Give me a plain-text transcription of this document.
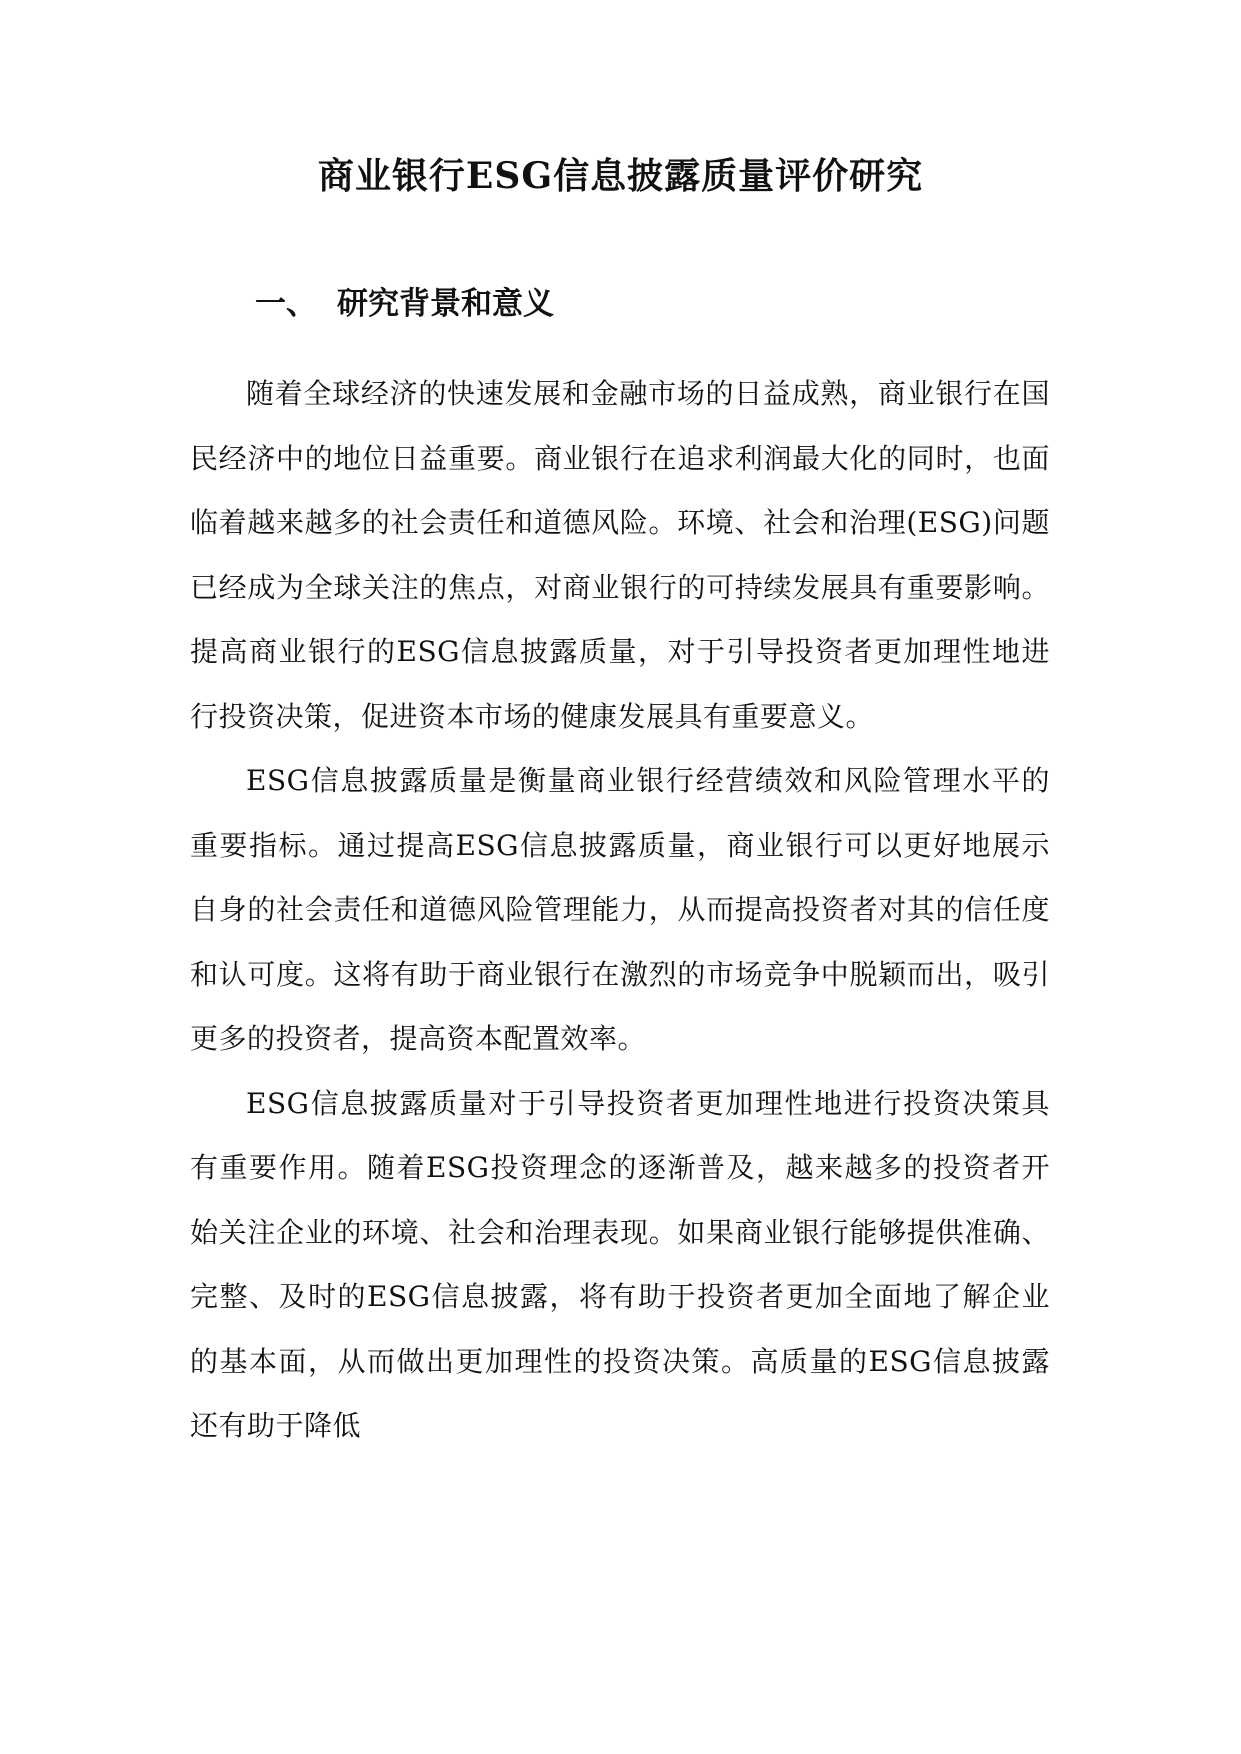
商业银行ESG信息披露质量评价研究
一、 研究背景和意义

随着全球经济的快速发展和金融市场的日益成熟，商业银行在国民经济中的地位日益重要。商业银行在追求利润最大化的同时，也面临着越来越多的社会责任和道德风险。环境、社会和治理(ESG)问题已经成为全球关注的焦点，对商业银行的可持续发展具有重要影响。提高商业银行的ESG信息披露质量，对于引导投资者更加理性地进行投资决策，促进资本市场的健康发展具有重要意义。

ESG信息披露质量是衡量商业银行经营绩效和风险管理水平的重要指标。通过提高ESG信息披露质量，商业银行可以更好地展示自身的社会责任和道德风险管理能力，从而提高投资者对其的信任度和认可度。这将有助于商业银行在激烈的市场竞争中脱颖而出，吸引更多的投资者，提高资本配置效率。

ESG信息披露质量对于引导投资者更加理性地进行投资决策具有重要作用。随着ESG投资理念的逐渐普及，越来越多的投资者开始关注企业的环境、社会和治理表现。如果商业银行能够提供准确、完整、及时的ESG信息披露，将有助于投资者更加全面地了解企业的基本面，从而做出更加理性的投资决策。高质量的ESG信息披露还有助于降低
